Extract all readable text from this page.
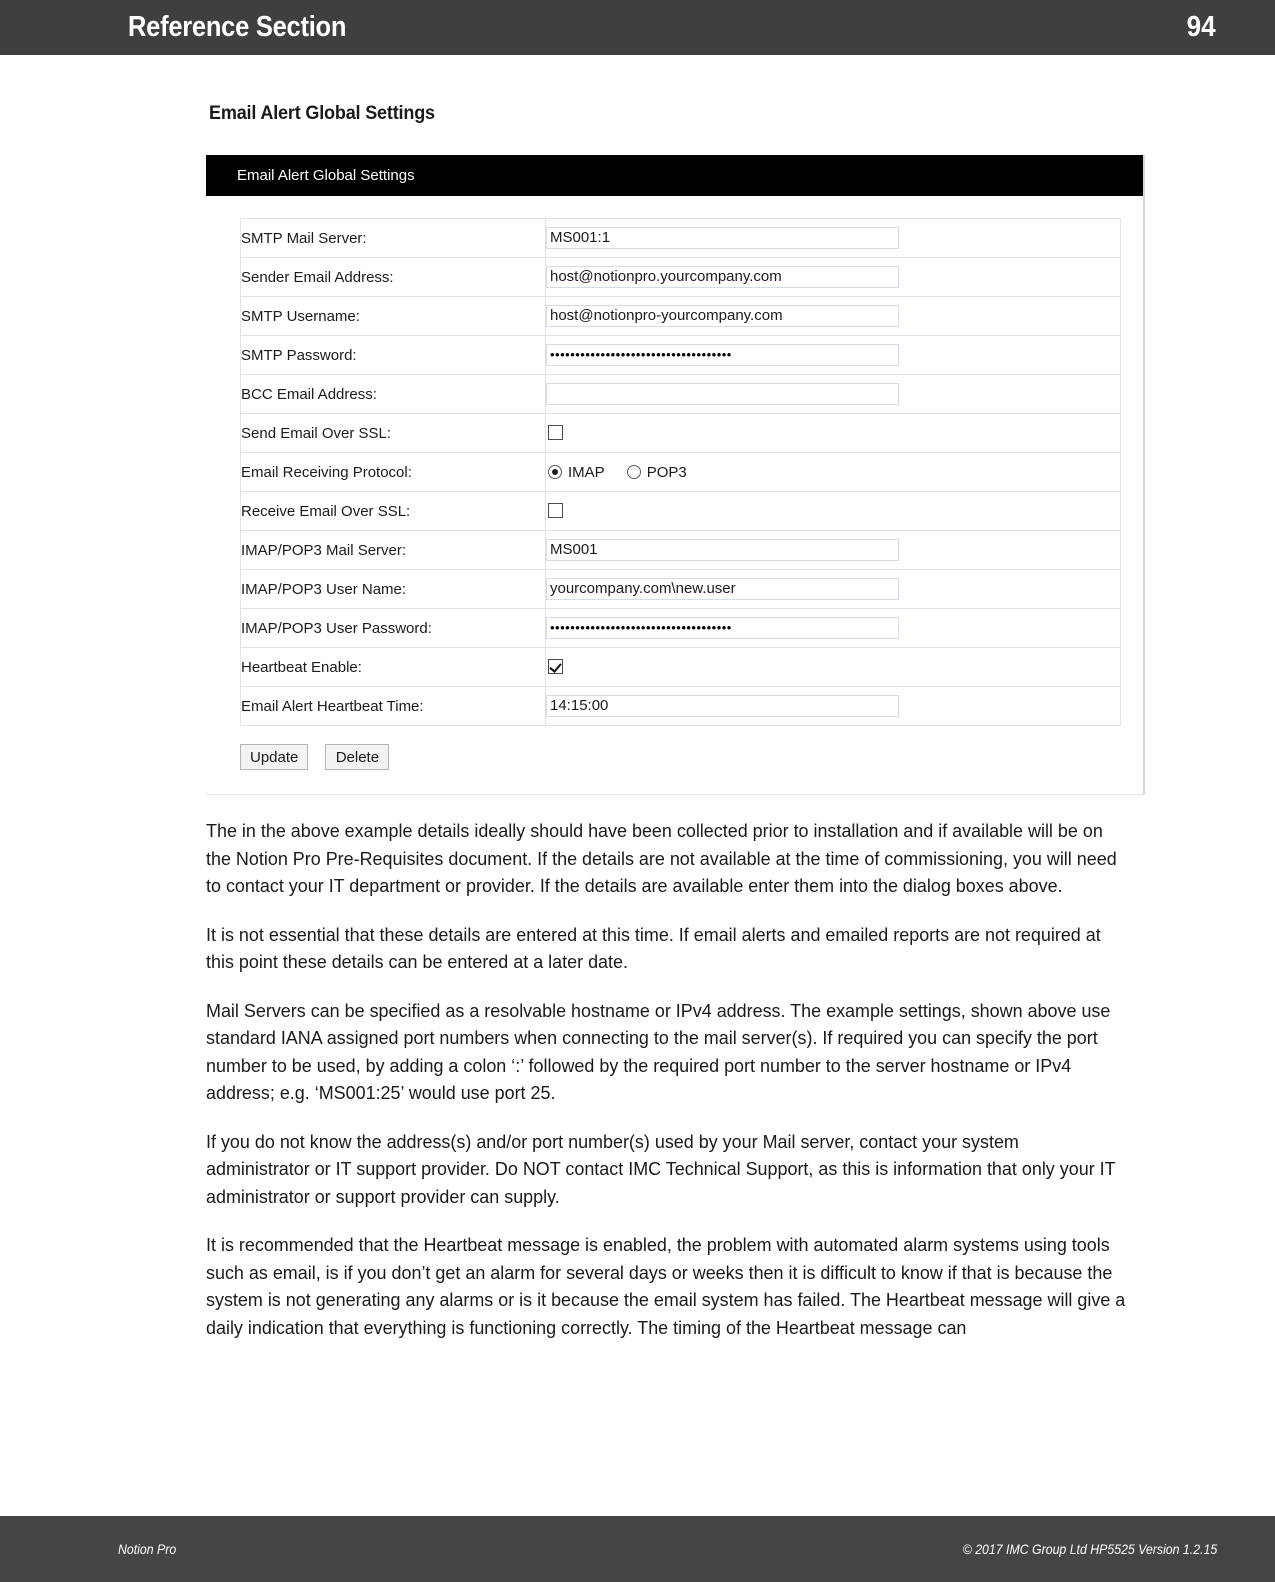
Reference Section	94
Email Alert Global Settings
Email Alert Global Settings
SMTP Mail Server:	MS001:1

Sender Email Address:	host@notionpro.yourcompany.com

SMTP Username:	host@notionpro-yourcompany.com

SMTP Password:	••••••••••••••••••••••••••••••••••••

BCC Email Address:	

Send Email Over SSL:	
Email Receiving Protocol:	IMAP POP3

Receive Email Over SSL:	
IMAP/POP3 Mail Server:	MS001

IMAP/POP3 User Name:	yourcompany.com\new.user

IMAP/POP3 User Password:	••••••••••••••••••••••••••••••••••••

Heartbeat Enable:	
Email Alert Heartbeat Time:	14:15:00
Update	Delete

The in the above example details ideally should have been collected prior to installation and if available will be on the Notion Pro Pre-Requisites document. If the details are not available at the time of commissioning, you will need to contact your IT department or provider. If the details are available enter them into the dialog boxes above.

It is not essential that these details are entered at this time. If email alerts and emailed reports are not required at this point these details can be entered at a later date.

Mail Servers can be specified as a resolvable hostname or IPv4 address. The example settings, shown above use standard IANA assigned port numbers when connecting to the mail server(s). If required you can specify the port number to be used, by adding a colon ‘:’ followed by the required port number to the server hostname or IPv4 address; e.g. ‘MS001:25’ would use port 25.

If you do not know the address(s) and/or port number(s) used by your Mail server, contact your system administrator or IT support provider. Do NOT contact IMC Technical Support, as this is information that only your IT administrator or support provider can supply.

It is recommended that the Heartbeat message is enabled, the problem with automated alarm systems using tools such as email, is if you don’t get an alarm for several days or weeks then it is difficult to know if that is because the system is not generating any alarms or is it because the email system has failed. The Heartbeat message will give a daily indication that everything is functioning correctly. The timing of the Heartbeat message can

Notion Pro	© 2017 IMC Group Ltd HP5525 Version 1.2.15
